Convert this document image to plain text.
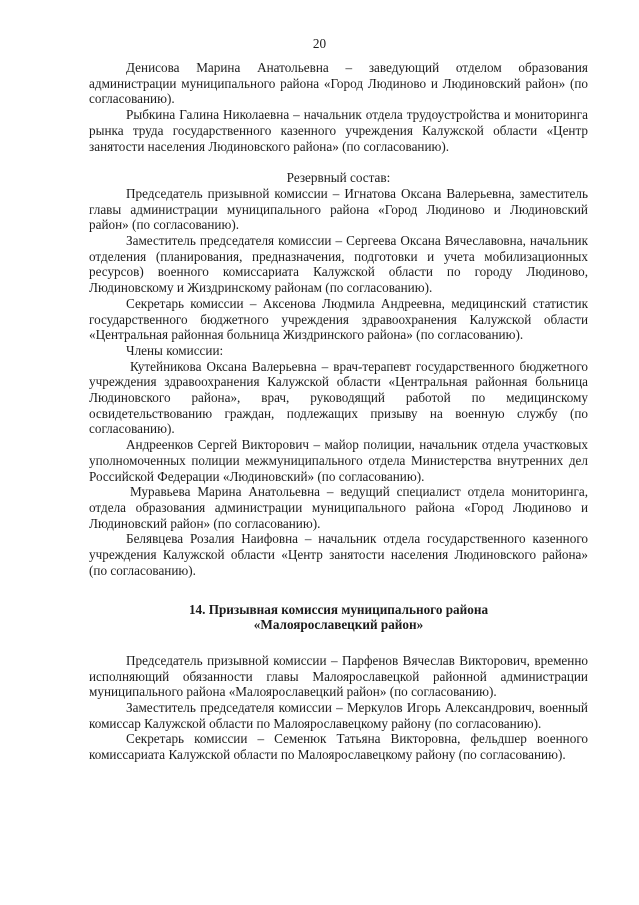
20

Денисова Марина Анатольевна – заведующий отделом образования администрации муниципального района «Город Людиново и Людиновский район» (по согласованию).

Рыбкина Галина Николаевна – начальник отдела трудоустройства и мониторинга рынка труда государственного казенного учреждения Калужской области «Центр занятости населения Людиновского района» (по согласованию).

Резервный состав:

Председатель призывной комиссии – Игнатова Оксана Валерьевна, заместитель главы администрации муниципального района «Город Людиново и Людиновский район» (по согласованию).

Заместитель председателя комиссии – Сергеева Оксана Вячеславовна, начальник отделения (планирования, предназначения, подготовки и учета мобилизационных ресурсов) военного комиссариата Калужской области по городу Людиново, Людиновскому и Жиздринскому районам (по согласованию).

Секретарь комиссии – Аксенова Людмила Андреевна, медицинский статистик государственного бюджетного учреждения здравоохранения Калужской области «Центральная районная больница Жиздринского района» (по согласованию).

Члены комиссии:

Кутейникова Оксана Валерьевна – врач-терапевт государственного бюджетного учреждения здравоохранения Калужской области «Центральная районная больница Людиновского района», врач, руководящий работой по медицинскому освидетельствованию граждан, подлежащих призыву на военную службу (по согласованию).

Андреенков Сергей Викторович – майор полиции, начальник отдела участковых уполномоченных полиции межмуниципального отдела Министерства внутренних дел Российской Федерации «Людиновский» (по согласованию).

Муравьева Марина Анатольевна – ведущий специалист отдела мониторинга, отдела образования администрации муниципального района «Город Людиново и Людиновский район» (по согласованию).

Белявцева Розалия Наифовна – начальник отдела государственного казенного учреждения Калужской области «Центр занятости населения Людиновского района» (по согласованию).

14. Призывная комиссия муниципального района

«Малоярославецкий район»

Председатель призывной комиссии – Парфенов Вячеслав Викторович, временно исполняющий обязанности главы Малоярославецкой районной администрации муниципального района «Малоярославецкий район» (по согласованию).

Заместитель председателя комиссии – Меркулов Игорь Александрович, военный комиссар Калужской области по Малоярославецкому району (по согласованию).

Секретарь комиссии – Семенюк Татьяна Викторовна, фельдшер военного комиссариата Калужской области по Малоярославецкому району (по согласованию).
